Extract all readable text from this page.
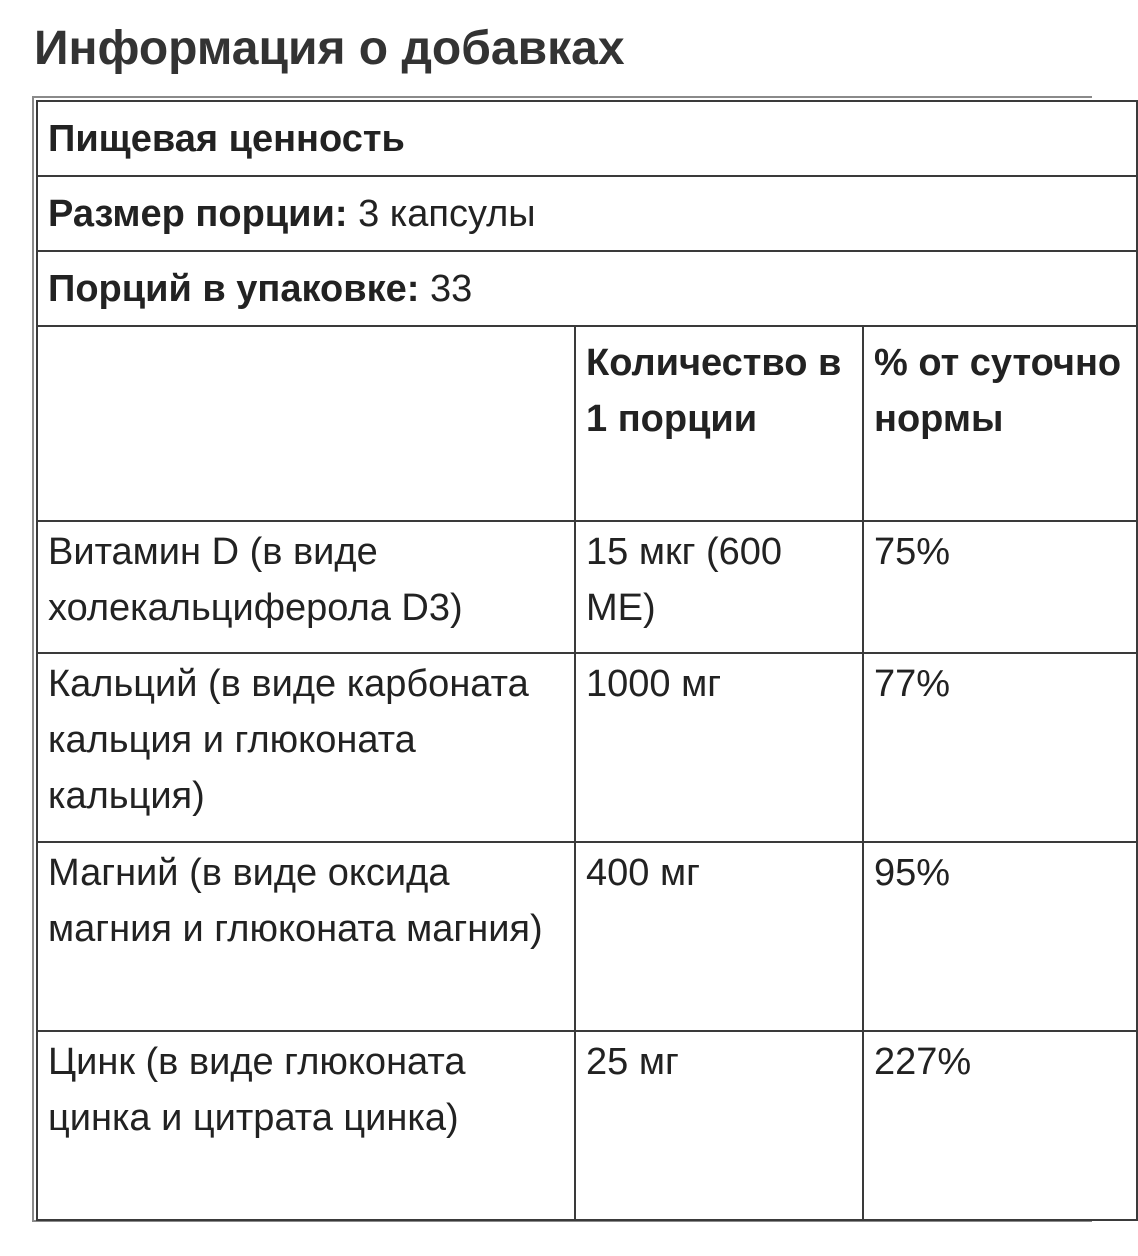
Информация о добавках
Пищевая ценность		
Размер порции: 3 капсулы		
Порций в упаковке: 33		
	Количество в 1 порции	% от суточно нормы
Витамин D (в виде холекальциферола D3)	15 мкг (600 МЕ)	75%
Кальций (в виде карбоната кальция и глюконата кальция)	1000 мг	77%
Магний (в виде оксида магния и глюконата магния)	400 мг	95%
Цинк (в виде глюконата цинка и цитрата цинка)	25 мг	227%
